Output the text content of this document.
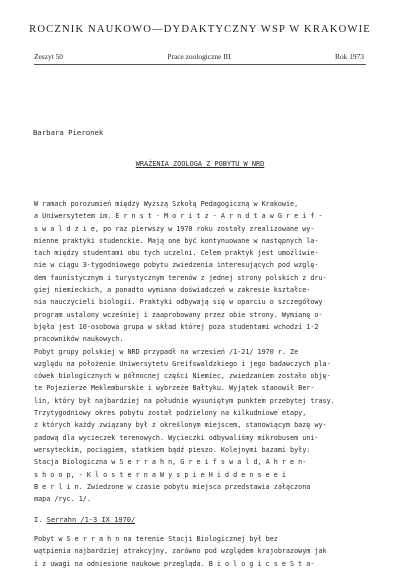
ROCZNIK NAUKOWO—DYDAKTYCZNY WSP W KRAKOWIE
Zeszyt 50	Prace zoologiczne III	Rok 1973
Barbara Pieronek
WRAŻENIA ZOOLOGA Z POBYTU W NRD
W ramach porozumień między Wyższą Szkołą Pedagogiczną w Krakowie,
a Uniwersytetem im. E r n s t - M o r i t z - A r n d t a w G r e i f -
s w a l d z i e, po raz pierwszy w 1970 roku zostały zrealizowane wy-
mienne praktyki studenckie. Mają one być kontynuowane w następnych la-
tach między studentami obu tych uczelni. Celem praktyk jest umożliwie-
nie w ciągu 3-tygodniowego pobytu zwiedzenia interesujących pod wzglę-
dem faunistycznym i turystycznym terenów z jednej strony polskich z dru-
giej niemieckich, a ponadto wymiana doświadczeń w zakresie kształce-
nia nauczycieli biologii. Praktyki odbywają się w oparciu o szczegółowy
program ustalony wcześniej i zaaprobowany przez obie strony. Wymianę o-
bjęła jest 10-osobowa grupa w skład której poza studentami wchodzi 1-2
pracowników naukowych.
Pobyt grupy polskiej w NRD przypadł na wrzesień /1-21/ 1970 r. Ze
względu na położenie Uniwersytetu Greifswaldzkiego i jego badawczych pla-
cówek biologicznych w północnej części Niemiec, zwiedzaniem zostało obję-
te Pojezierze Meklemburskie i wybrzeże Bałtyku. Wyjątek stanowił Ber-
lin, który był najbardziej na południe wysuniętym punktem przebytej trasy.
Trzytygodniowy okres pobytu został podzielony na kilkudniowe etapy,
z których każdy związany był z określonym miejscem, stanowiącym bazę wy-
padową dla wycieczek terenowych. Wycieczki odbywaliśmy mikrobusem uni-
wersyteckim, pociągiem, statkiem bądź pieszo. Kolejnymi bazami były:
Stacja Biologiczna w S e r r a h n, G r e i f s w a l d, A h r e n-
s h o o p, - K l o s t e r n a W y s p i e H i d d e n s e e i
B e r l i n. Zwiedzone w czasie pobytu miejsca przedstawia załączona
mapa /ryc. 1/.
I. Serrahn /1-3 IX 1970/
Pobyt w S e r r a h n na terenie Stacji Biologicznej był bez
wątpienia najbardziej atrakcyjny, zarówno pod względem krajobrazowym jak
i z uwagi na odniesione naukowe przegląda. B i o l o g i c s e S t a-
